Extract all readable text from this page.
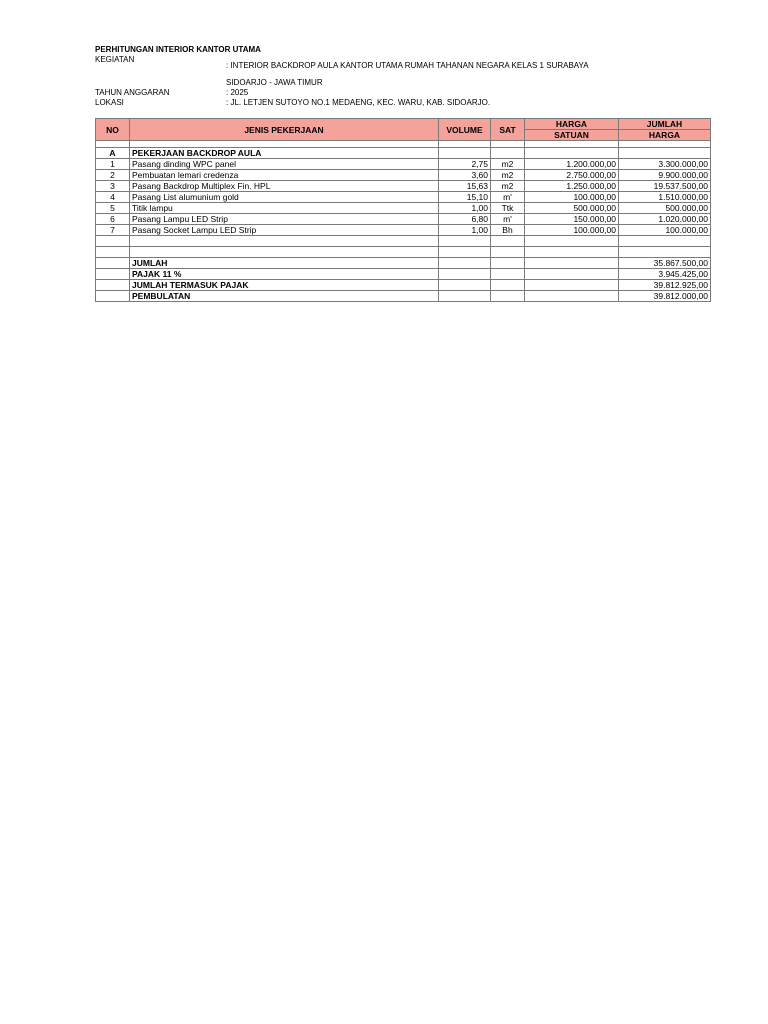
PERHITUNGAN INTERIOR KANTOR UTAMA
KEGIATAN
: INTERIOR BACKDROP AULA KANTOR UTAMA RUMAH TAHANAN NEGARA KELAS 1 SURABAYA
SIDOARJO - JAWA TIMUR
TAHUN ANGGARAN	: 2025
LOKASI	: JL. LETJEN SUTOYO NO.1 MEDAENG, KEC. WARU, KAB. SIDOARJO.
NO	JENIS PEKERJAAN	VOLUME	SAT	HARGA	JUMLAH
				SATUAN	HARGA

A	PEKERJAAN BACKDROP AULA				
1	Pasang dinding WPC panel	2,75	m2	1.200.000,00	3.300.000,00
2	Pembuatan lemari credenza	3,60	m2	2.750.000,00	9.900.000,00
3	Pasang Backdrop Multiplex Fin. HPL	15,63	m2	1.250.000,00	19.537.500,00
4	Pasang List alumunium gold	15,10	m'	100.000,00	1.510.000,00
5	Titik lampu	1,00	Ttk	500.000,00	500.000,00
6	Pasang Lampu LED Strip	6,80	m'	150.000,00	1.020.000,00
7	Pasang Socket Lampu LED Strip	1,00	Bh	100.000,00	100.000,00

	JUMLAH				35.867.500,00
	PAJAK 11 %				3.945.425,00
	JUMLAH TERMASUK PAJAK				39.812.925,00
	PEMBULATAN				39.812.000,00
